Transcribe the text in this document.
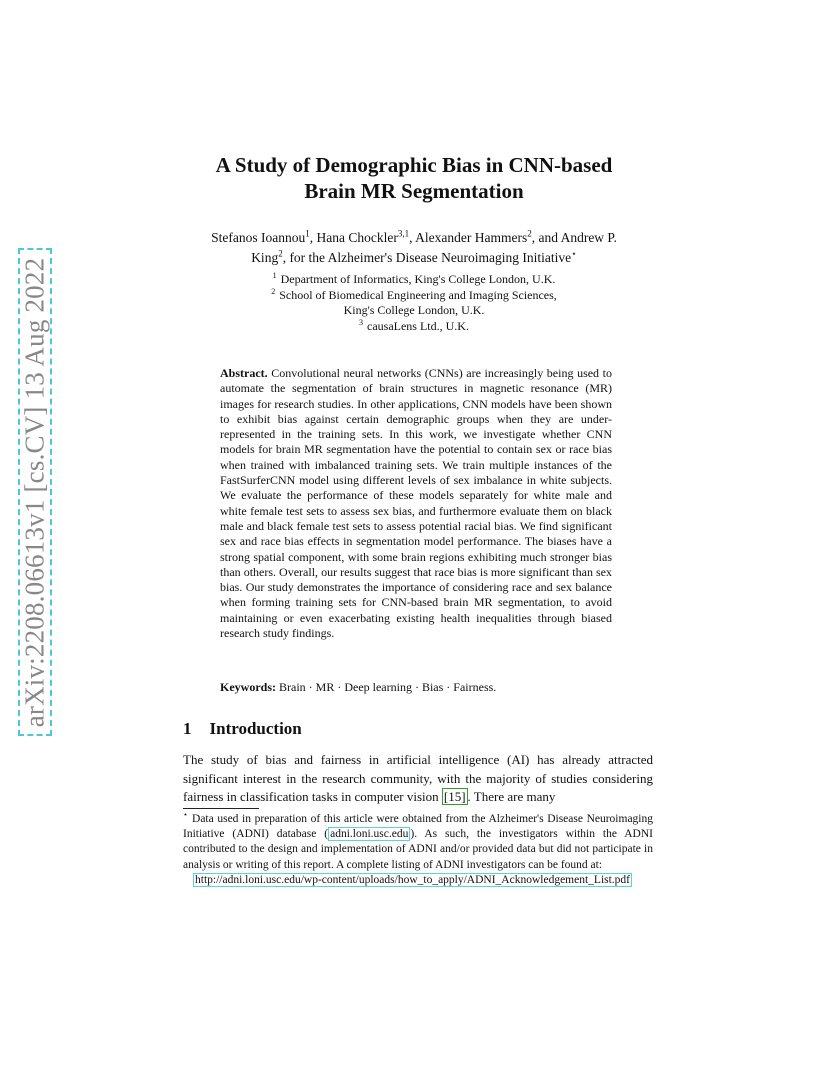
arXiv:2208.06613v1 [cs.CV] 13 Aug 2022
A Study of Demographic Bias in CNN-based
Brain MR Segmentation
Stefanos Ioannou$^1$, Hana Chockler$^{3,1}$, Alexander Hammers$^2$, and Andrew P.
King$^2$, for the Alzheimer's Disease Neuroimaging Initiative⋆
$^1$ Department of Informatics, King's College London, U.K.
$^2$ School of Biomedical Engineering and Imaging Sciences,
King's College London, U.K.
$^3$ causaLens Ltd., U.K.
Abstract. Convolutional neural networks (CNNs) are increasingly being used to automate the segmentation of brain structures in magnetic resonance (MR) images for research studies. In other applications, CNN models have been shown to exhibit bias against certain demographic groups when they are under-represented in the training sets. In this work, we investigate whether CNN models for brain MR segmentation have the potential to contain sex or race bias when trained with imbalanced training sets. We train multiple instances of the FastSurferCNN model using different levels of sex imbalance in white subjects. We evaluate the performance of these models separately for white male and white female test sets to assess sex bias, and furthermore evaluate them on black male and black female test sets to assess potential racial bias. We find significant sex and race bias effects in segmentation model performance. The biases have a strong spatial component, with some brain regions exhibiting much stronger bias than others. Overall, our results suggest that race bias is more significant than sex bias. Our study demonstrates the importance of considering race and sex balance when forming training sets for CNN-based brain MR segmentation, to avoid maintaining or even exacerbating existing health inequalities through biased research study findings.
Keywords: Brain · MR · Deep learning · Bias · Fairness.
1 Introduction
The study of bias and fairness in artificial intelligence (AI) has already attracted significant interest in the research community, with the majority of studies considering fairness in classification tasks in computer vision [15] . There are many
⋆ Data used in preparation of this article were obtained from the Alzheimer's Disease Neuroimaging Initiative (ADNI) database ( adni.loni.usc.edu ). As such, the investigators within the ADNI contributed to the design and implementation of ADNI and/or provided data but did not participate in analysis or writing of this report. A complete listing of ADNI investigators can be found at:
http://adni.loni.usc.edu/wp-content/uploads/how_to_apply/ADNI_Acknowledgement_List.pdf
